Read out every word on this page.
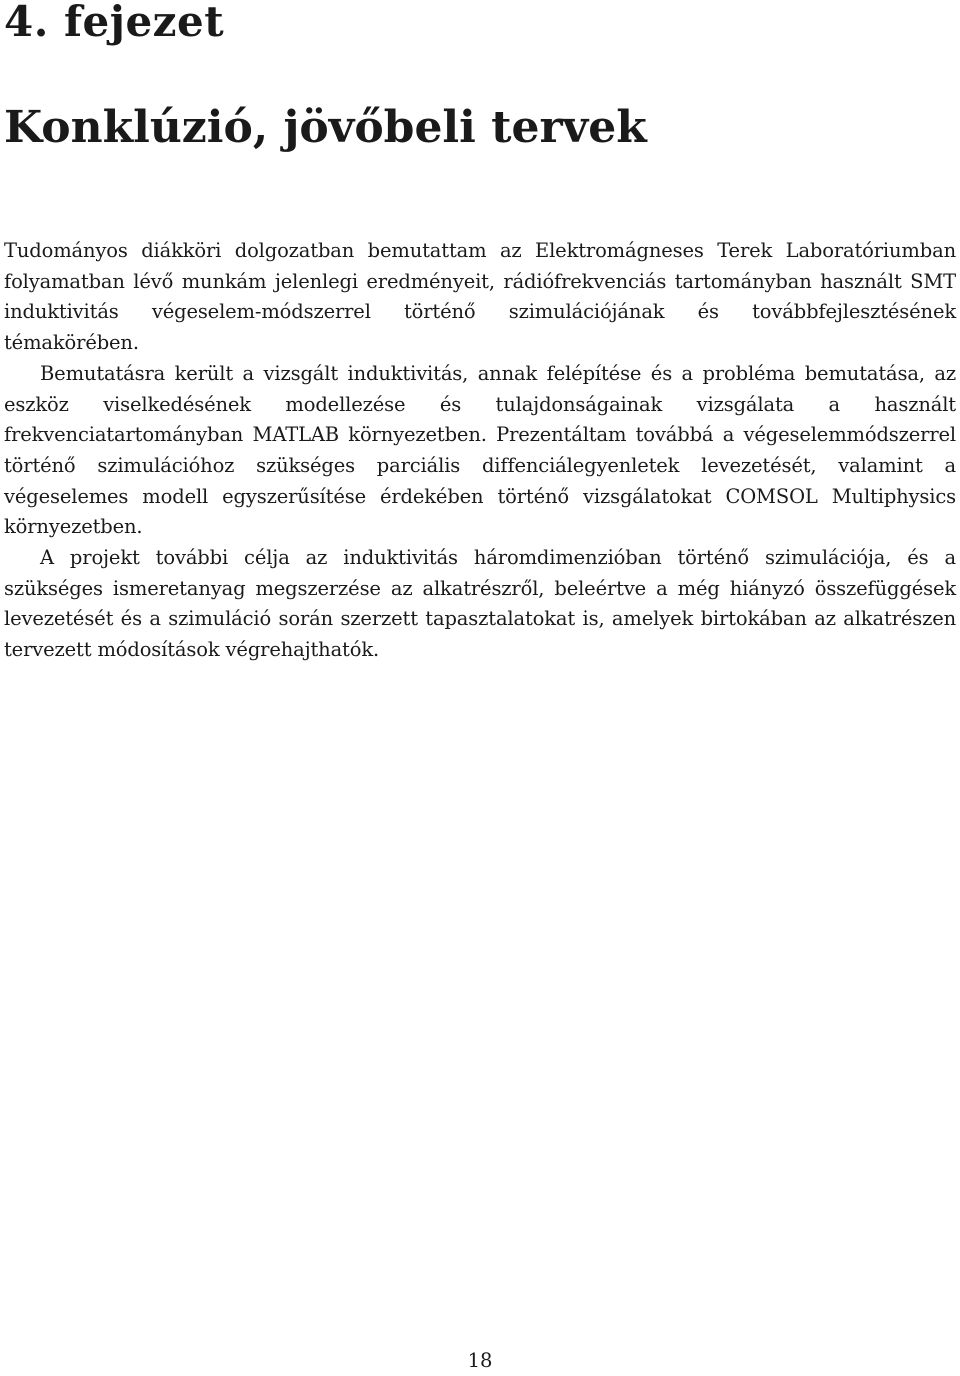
4. fejezet
Konklúzió, jövőbeli tervek

Tudományos diákköri dolgozatban bemutattam az Elektromágneses Terek Laboratóriumban folyamatban lévő munkám jelenlegi eredményeit, rádiófrekvenciás tartományban használt SMT induktivitás végeselem-módszerrel történő szimulációjának és továbbfejlesztésének témakörében.

Bemutatásra került a vizsgált induktivitás, annak felépítése és a probléma bemutatása, az eszköz viselkedésének modellezése és tulajdonságainak vizsgálata a használt frekvenciatartományban MATLAB környezetben. Prezentáltam továbbá a végeselemmódszerrel történő szimulációhoz szükséges parciális diffenciálegyenletek levezetését, valamint a végeselemes modell egyszerűsítése érdekében történő vizsgálatokat COMSOL Multiphysics környezetben.

A projekt további célja az induktivitás háromdimenzióban történő szimulációja, és a szükséges ismeretanyag megszerzése az alkatrészről, beleértve a még hiányzó összefüggések levezetését és a szimuláció során szerzett tapasztalatokat is, amelyek birtokában az alkatrészen tervezett módosítások végrehajthatók.

18
